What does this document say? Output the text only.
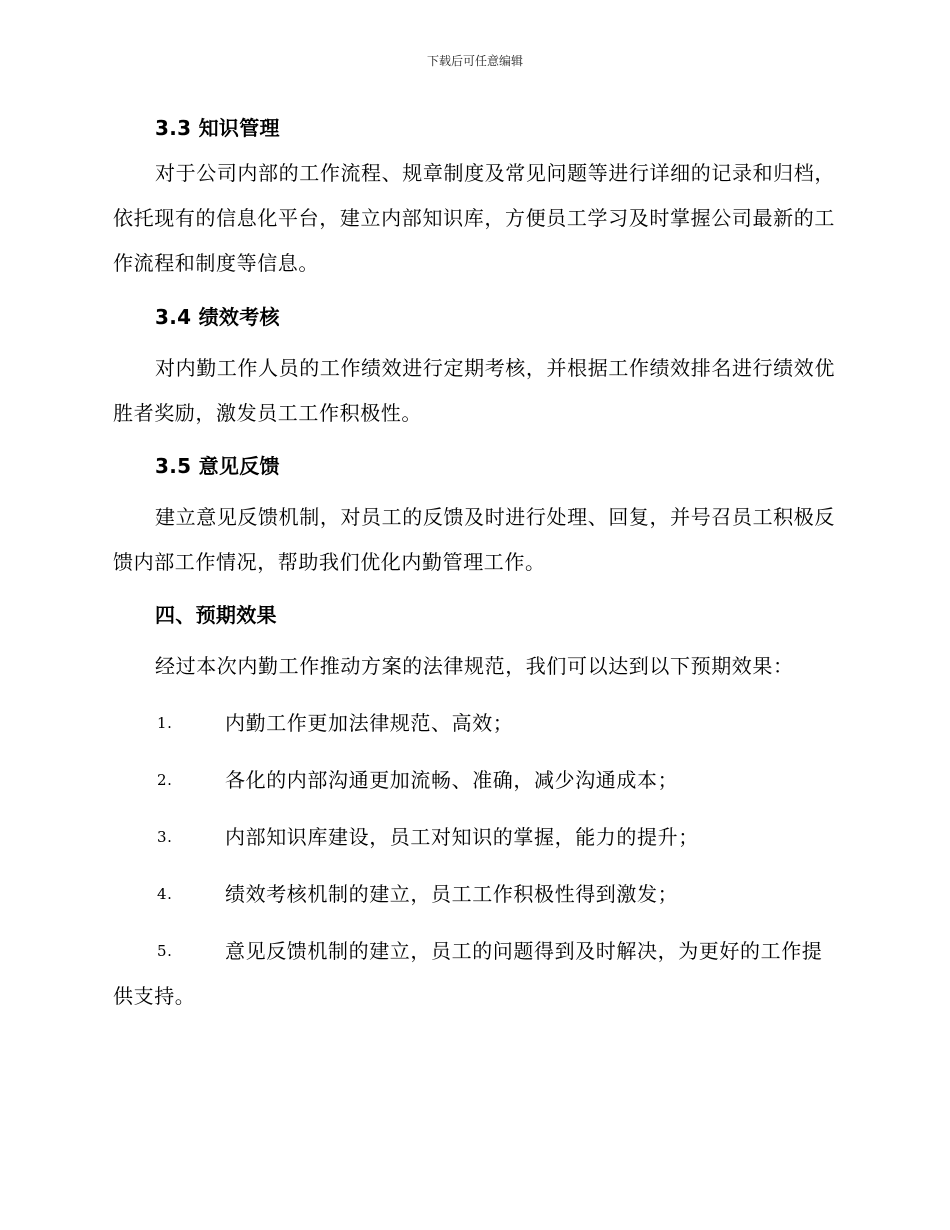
下载后可任意编辑
3.3 知识管理

对于公司内部的工作流程、规章制度及常见问题等进行详细的记录和归档，依托现有的信息化平台，建立内部知识库，方便员工学习及时掌握公司最新的工作流程和制度等信息。

3.4 绩效考核

对内勤工作人员的工作绩效进行定期考核，并根据工作绩效排名进行绩效优胜者奖励，激发员工工作积极性。

3.5 意见反馈

建立意见反馈机制，对员工的反馈及时进行处理、回复，并号召员工积极反馈内部工作情况，帮助我们优化内勤管理工作。

四、预期效果

经过本次内勤工作推动方案的法律规范，我们可以达到以下预期效果：

1.	内勤工作更加法律规范、高效；
2.	各化的内部沟通更加流畅、准确，减少沟通成本；
3.	内部知识库建设，员工对知识的掌握，能力的提升；
4.	绩效考核机制的建立，员工工作积极性得到激发；
5.	意见反馈机制的建立，员工的问题得到及时解决，为更好的工作提供支持。
